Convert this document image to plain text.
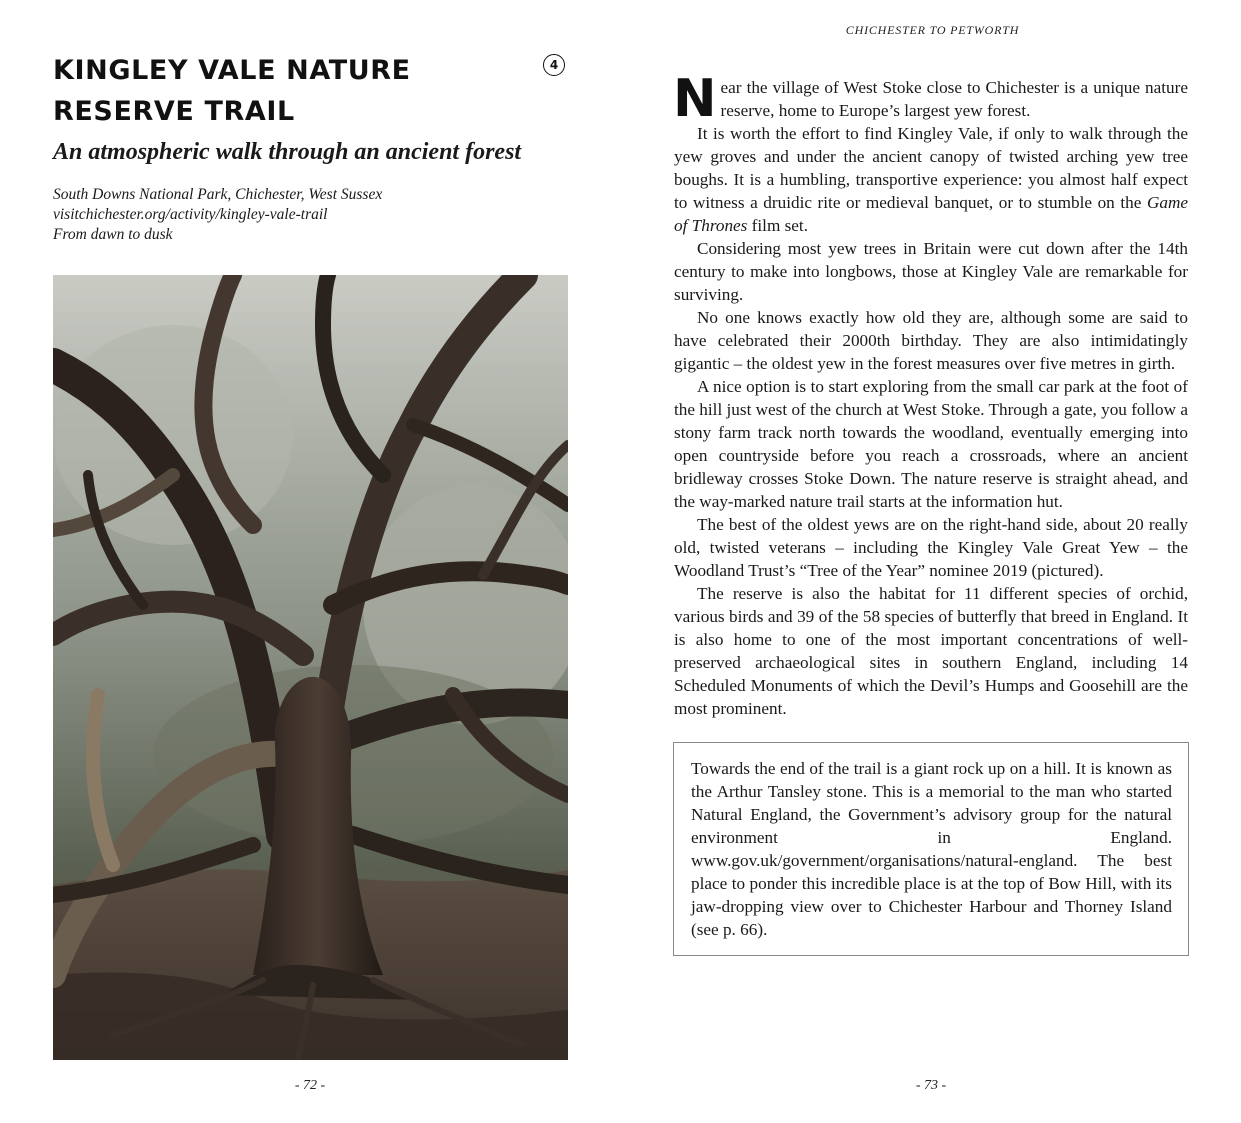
KINGLEY VALE NATURE RESERVE TRAIL
4
An atmospheric walk through an ancient forest
South Downs National Park, Chichester, West Sussex
visitchichester.org/activity/kingley-vale-trail
From dawn to dusk
- 72 -
CHICHESTER TO PETWORTH

Near the village of West Stoke close to Chichester is a unique nature reserve, home to Europe’s largest yew forest.

It is worth the effort to find Kingley Vale, if only to walk through the yew groves and under the ancient canopy of twisted arching yew tree boughs. It is a humbling, transportive experience: you almost half expect to witness a druidic rite or medieval banquet, or to stumble on the Game of Thrones film set.

Considering most yew trees in Britain were cut down after the 14th century to make into longbows, those at Kingley Vale are remarkable for surviving.

No one knows exactly how old they are, although some are said to have celebrated their 2000th birthday. They are also intimidatingly gigantic – the oldest yew in the forest measures over five metres in girth.

A nice option is to start exploring from the small car park at the foot of the hill just west of the church at West Stoke. Through a gate, you follow a stony farm track north towards the woodland, eventually emerging into open countryside before you reach a crossroads, where an ancient bridleway crosses Stoke Down. The nature reserve is straight ahead, and the way-marked nature trail starts at the information hut.

The best of the oldest yews are on the right-hand side, about 20 really old, twisted veterans – including the Kingley Vale Great Yew – the Woodland Trust’s “Tree of the Year” nominee 2019 (pictured).

The reserve is also the habitat for 11 different species of orchid, various birds and 39 of the 58 species of butterfly that breed in England. It is also home to one of the most important concentrations of well-preserved archaeological sites in southern England, including 14 Scheduled Monuments of which the Devil’s Humps and Goosehill are the most prominent.

Towards the end of the trail is a giant rock up on a hill. It is known as the Arthur Tansley stone. This is a memorial to the man who started Natural England, the Government’s advisory group for the natural environment in England. www.gov.uk/government/organisations/natural-england. The best place to ponder this incredible place is at the top of Bow Hill, with its jaw-dropping view over to Chichester Harbour and Thorney Island (see p. 66).
- 73 -
